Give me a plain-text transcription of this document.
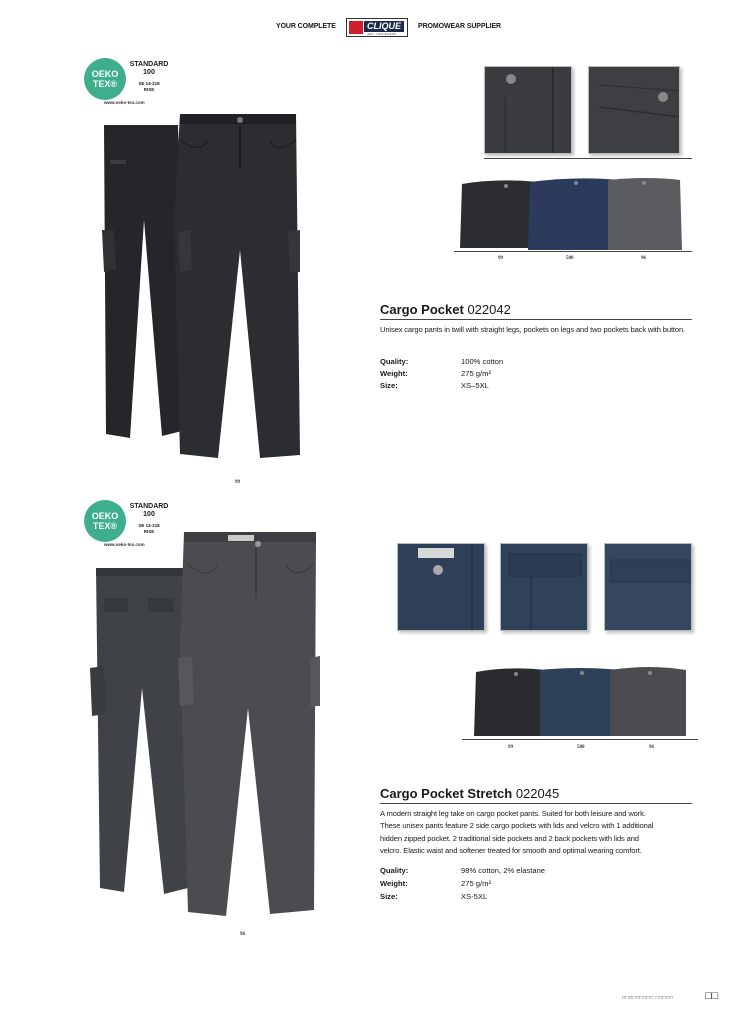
YOUR COMPLETE	CLIQUE
SED. TRADEMARK
PROMOWEAR SUPPLIER
OEKO TEX®
STANDARD
100
SE 14-218
RISE
www.oeko-tex.com
99
99	580	96
Cargo Pocket 022042
Unisex cargo pants in twill with straight legs, pockets on legs and two pockets back with button.
Quality:	100% cotton
Weight:	275 g/m²
Size:	XS–5XL
OEKO TEX®
STANDARD
100
SE 14-218
RISE
www.oeko-tex.com
96
99	580	96
Cargo Pocket Stretch 022045
A modern straight leg take on cargo pocket pants. Suited for both leisure and work.
These unisex pants feature 2 side cargo pockets with lids and velcro with 1 additional
hidden zipped pocket. 2 traditional side pockets and 2 back pockets with lids and
velcro. Elastic waist and softener treated for smooth and optimal wearing comfort.
Quality:	98% cotton, 2% elastane
Weight:	275 g/m²
Size:	XS-5XL
□□□□□□□□□ □□□□□	□□
